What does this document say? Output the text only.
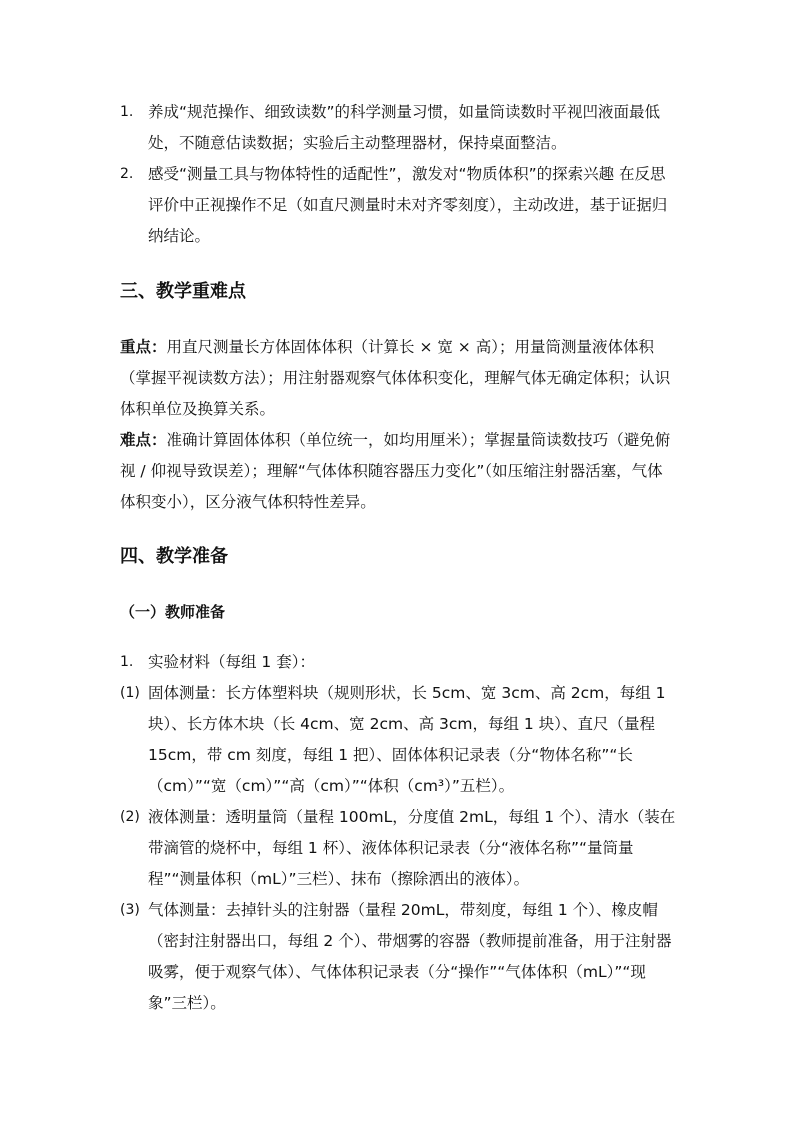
1. 养成“规范操作、细致读数”的科学测量习惯，如量筒读数时平视凹液面最低处，不随意估读数据；实验后主动整理器材，保持桌面整洁。
2. 感受“测量工具与物体特性的适配性”，激发对“物质体积”的探索兴趣 在反思评价中正视操作不足（如直尺测量时未对齐零刻度），主动改进，基于证据归纳结论。
三、教学重难点
重点：用直尺测量长方体固体体积（计算长 × 宽 × 高）；用量筒测量液体体积（掌握平视读数方法）；用注射器观察气体体积变化，理解气体无确定体积；认识体积单位及换算关系。
难点：准确计算固体体积（单位统一，如均用厘米）；掌握量筒读数技巧（避免俯视 / 仰视导致误差）；理解“气体体积随容器压力变化”（如压缩注射器活塞，气体体积变小），区分液气体积特性差异。
四、教学准备
（一）教师准备
1. 实验材料（每组 1 套）：
(1) 固体测量：长方体塑料块（规则形状，长 5cm、宽 3cm、高 2cm，每组 1 块）、长方体木块（长 4cm、宽 2cm、高 3cm，每组 1 块）、直尺（量程 15cm，带 cm 刻度，每组 1 把）、固体体积记录表（分“物体名称”“长（cm）”“宽（cm）”“高（cm）”“体积（cm³）”五栏）。
(2) 液体测量：透明量筒（量程 100mL，分度值 2mL，每组 1 个）、清水（装在带滴管的烧杯中，每组 1 杯）、液体体积记录表（分“液体名称”“量筒量程”“测量体积（mL）”三栏）、抹布（擦除洒出的液体）。
(3) 气体测量：去掉针头的注射器（量程 20mL，带刻度，每组 1 个）、橡皮帽（密封注射器出口，每组 2 个）、带烟雾的容器（教师提前准备，用于注射器吸雾，便于观察气体）、气体体积记录表（分“操作”“气体体积（mL）”“现象”三栏）。
